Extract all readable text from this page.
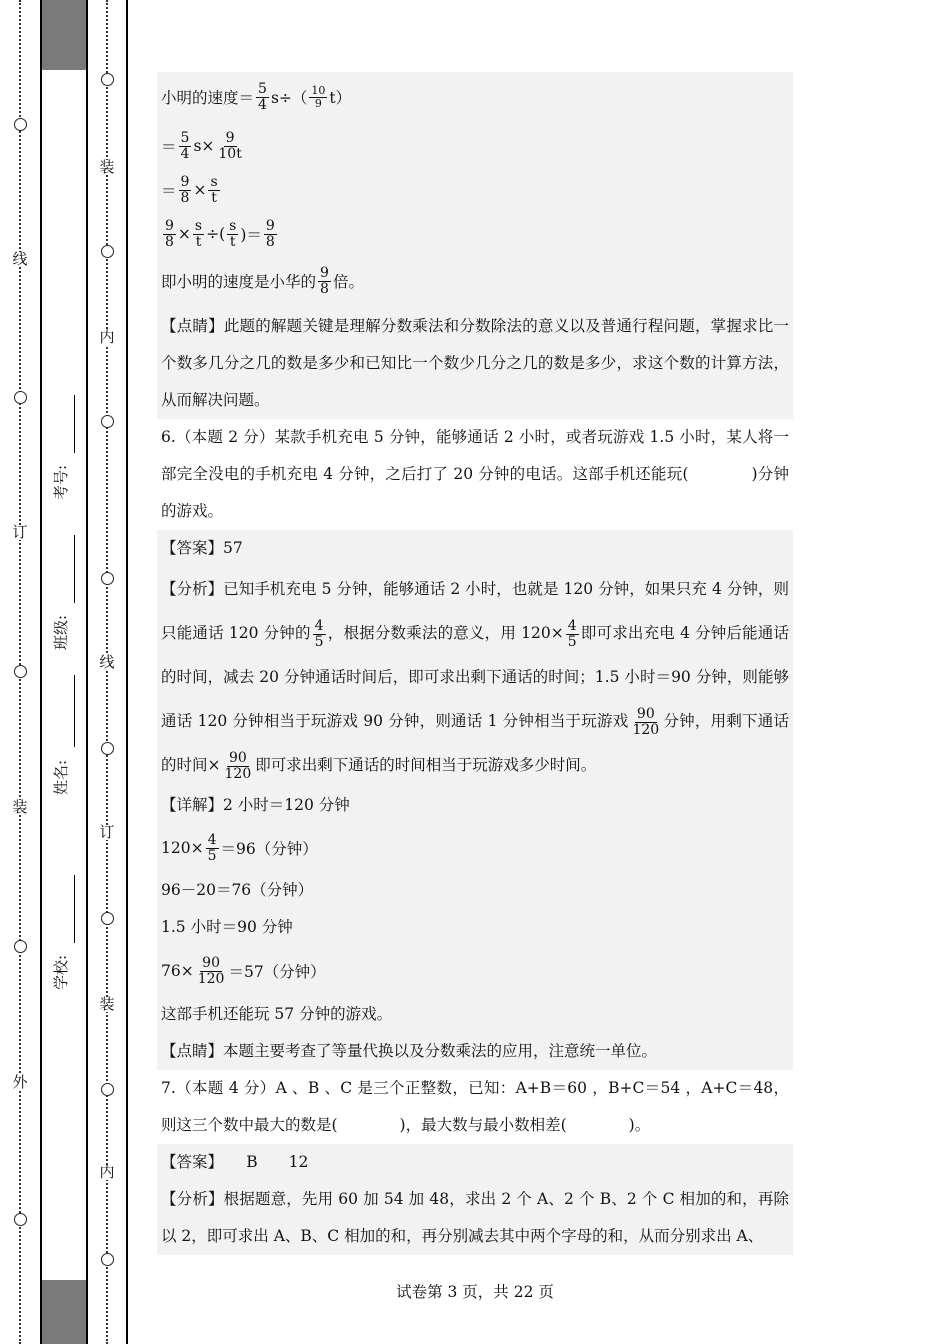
线
订
装
外
学校:
姓名:
班级:
考号:
装
内
线
订
装
内
小明的速度＝ $\frac{5}{4} s\div( \frac{10}{9} t)$
＝ $\frac{5}{4} s\times \frac{9}{10t}$
＝ $\frac{9}{8} \times \frac{s}{t}$
$\frac{9}{8} \times \frac{s}{t}$ ÷( $\frac{s}{t}$ )＝ $\frac{9}{8}$
即小明的速度是小华的 $\frac{9}{8}$ 倍。
【点睛】此题的解题关键是理解分数乘法和分数除法的意义以及普通行程问题，掌握求比一个数多几分之几的数是多少和已知比一个数少几分之几的数是多少，求这个数的计算方法，从而解决问题。
6.（本题 2 分）某款手机充电 5 分钟，能够通话 2 小时，或者玩游戏 1.5 小时，某人将一部完全没电的手机充电 4 分钟，之后打了 20 分钟的电话。这部手机还能玩(　　　　)分钟的游戏。
【答案】57
【分析】已知手机充电 5 分钟，能够通话 2 小时，也就是 120 分钟，如果只充 4 分钟，则只能通话 120 分钟的 $\frac{4}{5}$ ，根据分数乘法的意义，用 $120\times \frac{4}{5}$ 即可求出充电 4 分钟后能通话的时间，减去 20 分钟通话时间后，即可求出剩下通话的时间；1.5 小时＝90 分钟，则能够通话 120 分钟相当于玩游戏 90 分钟，则通话 1 分钟相当于玩游戏 $\frac{90}{120}$ 分钟，用剩下通话的时间× $\frac{90}{120}$ 即可求出剩下通话的时间相当于玩游戏多少时间。
【详解】2 小时＝120 分钟
$120\times \frac{4}{5} =96$（分钟）
96－20＝76（分钟）
1.5 小时＝90 分钟
$76\times \frac{90}{120} =57$（分钟）
这部手机还能玩 57 分钟的游戏。
【点睛】本题主要考查了等量代换以及分数乘法的应用，注意统一单位。
7.（本题 4 分）A 、B 、C 是三个正整数，已知：A+B＝60 ，B+C＝54 ，A+C＝48，则这三个数中最大的数是(　　　　)，最大数与最小数相差(　　　　)。
【答案】　　B　　12
【分析】根据题意，先用 60 加 54 加 48，求出 2 个 A、2 个 B、2 个 C 相加的和，再除以 2，即可求出 A、B、C 相加的和，再分别减去其中两个字母的和，从而分别求出 A、
试卷第 3 页，共 22 页
